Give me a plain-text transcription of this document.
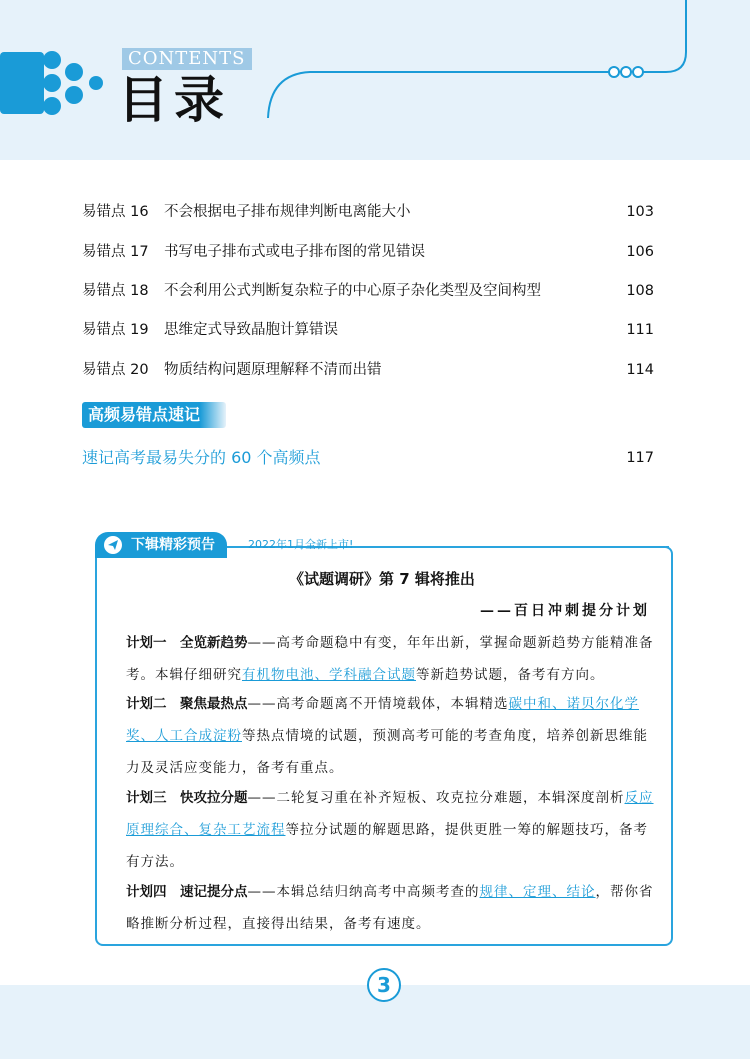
CONTENTS
目录
易错点 16 不会根据电子排布规律判断电离能大小	103
易错点 17 书写电子排布式或电子排布图的常见错误	106
易错点 18 不会利用公式判断复杂粒子的中心原子杂化类型及空间构型	108
易错点 19 思维定式导致晶胞计算错误	111
易错点 20 物质结构问题原理解释不清而出错	114
高频易错点速记
速记高考最易失分的 60 个高频点	117
下辑精彩预告	2022年1月全新上市!
《试题调研》第 7 辑将推出
——百日冲刺提分计划
计划一　全览新趋势——高考命题稳中有变，年年出新，掌握命题新趋势方能精准备考。本辑仔细研究有机物电池、学科融合试题等新趋势试题，备考有方向。
计划二　聚焦最热点——高考命题离不开情境载体，本辑精选碳中和、诺贝尔化学奖、人工合成淀粉等热点情境的试题，预测高考可能的考查角度，培养创新思维能力及灵活应变能力，备考有重点。
计划三　快攻拉分题——二轮复习重在补齐短板、攻克拉分难题，本辑深度剖析反应原理综合、复杂工艺流程等拉分试题的解题思路，提供更胜一筹的解题技巧，备考有方法。
计划四　速记提分点——本辑总结归纳高考中高频考查的规律、定理、结论，帮你省略推断分析过程，直接得出结果，备考有速度。
3
